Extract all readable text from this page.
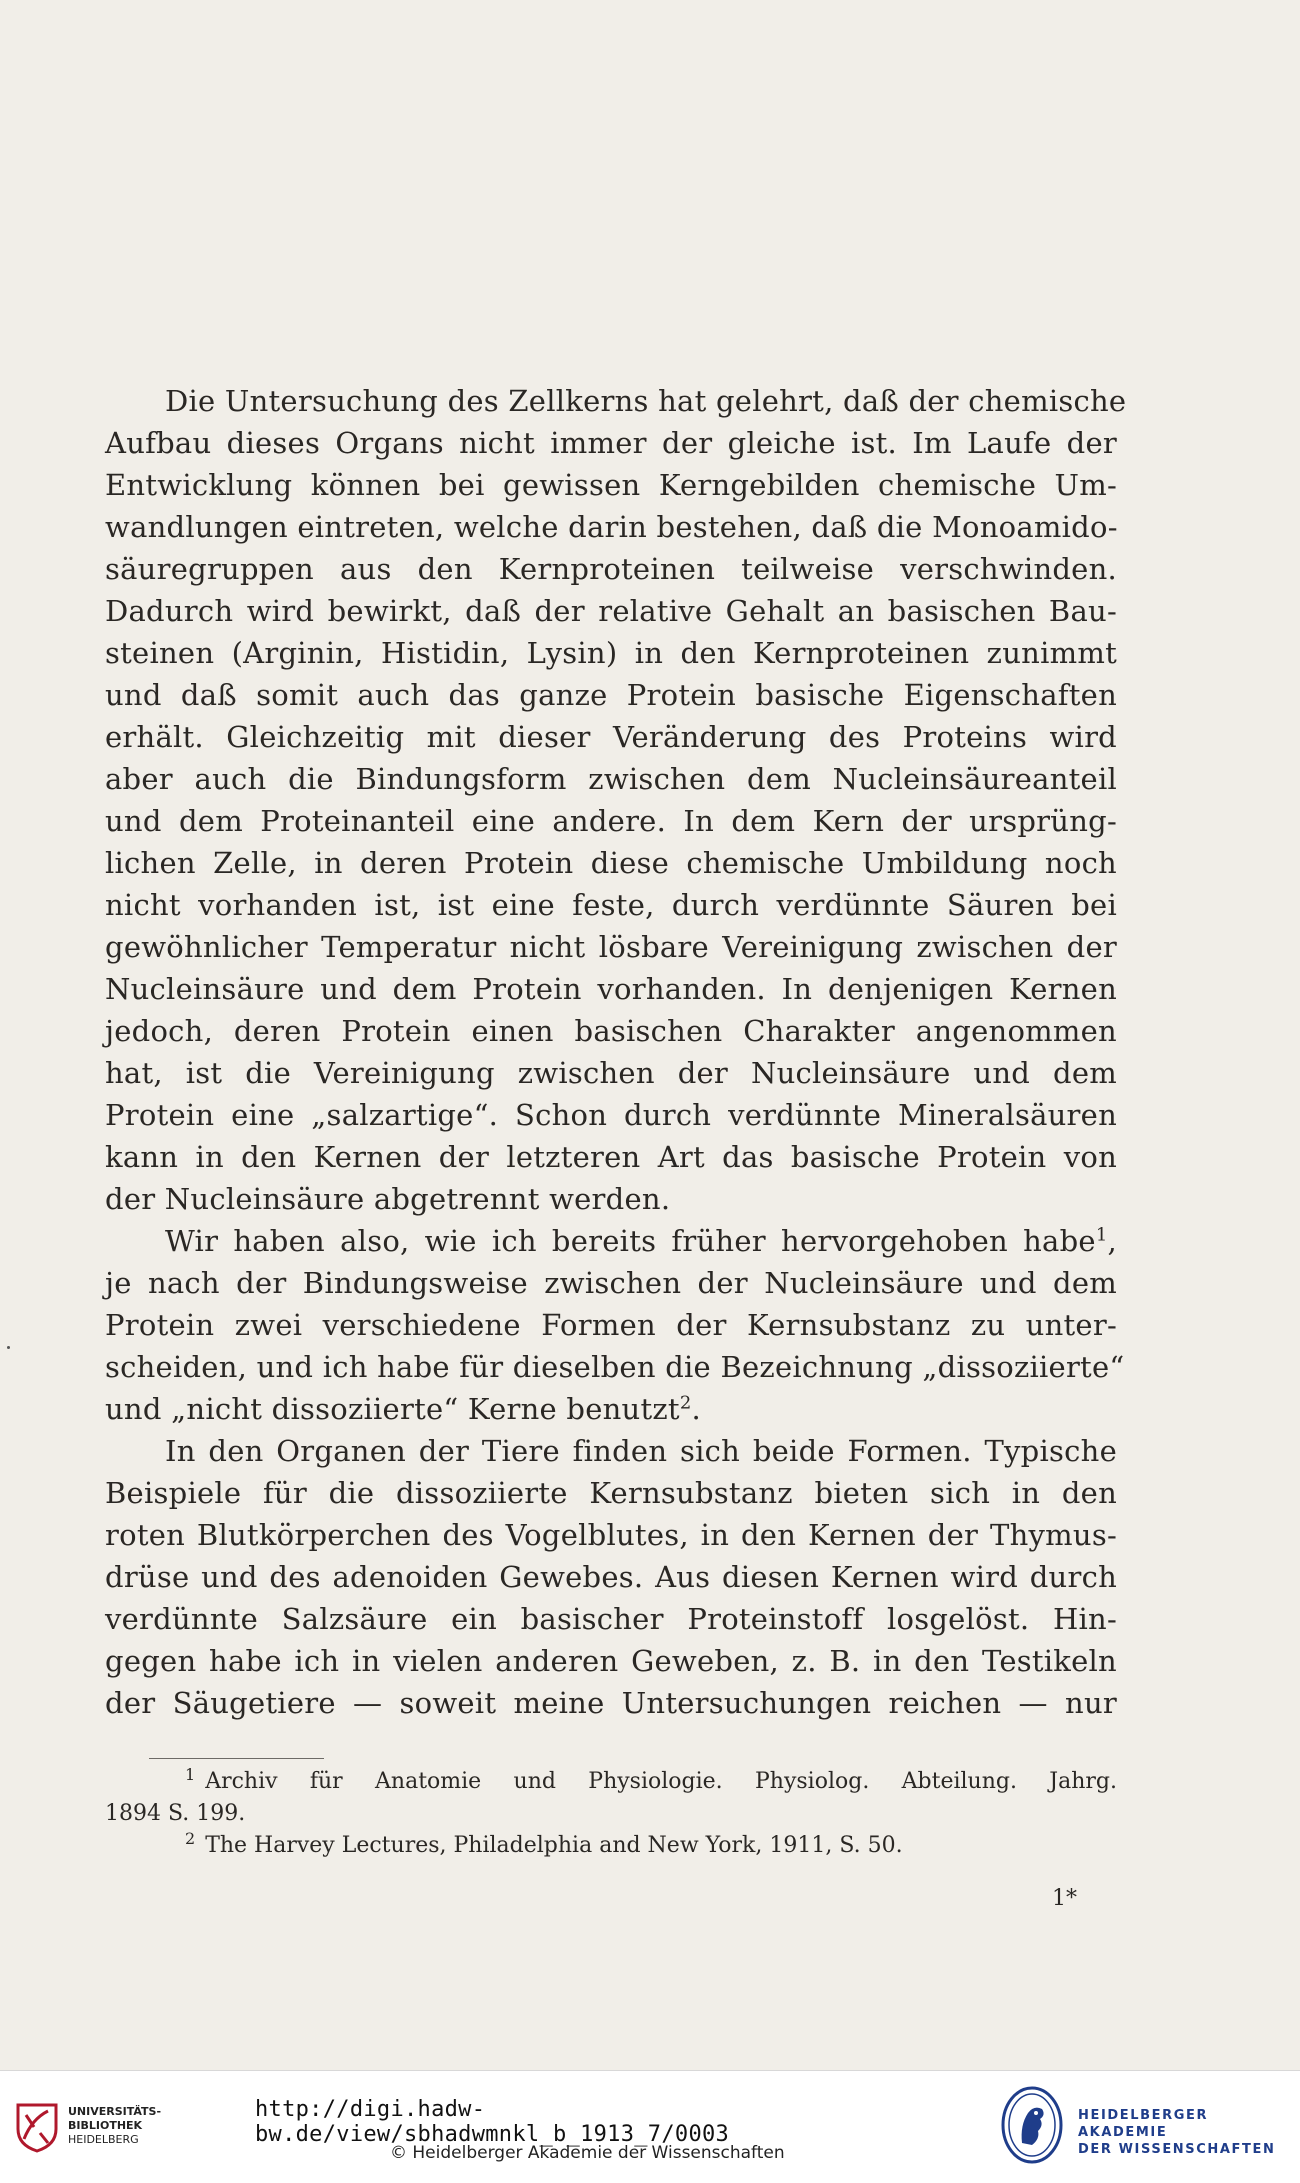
Die Untersuchung des Zellkerns hat gelehrt, daß der chemische
Aufbau dieses Organs nicht immer der gleiche ist. Im Laufe der
Entwicklung können bei gewissen Kerngebilden chemische Um-
wandlungen eintreten, welche darin bestehen, daß die Monoamido-
säuregruppen aus den Kernproteinen teilweise verschwinden.
Dadurch wird bewirkt, daß der relative Gehalt an basischen Bau-
steinen (Arginin, Histidin, Lysin) in den Kernproteinen zunimmt
und daß somit auch das ganze Protein basische Eigenschaften
erhält. Gleichzeitig mit dieser Veränderung des Proteins wird
aber auch die Bindungsform zwischen dem Nucleinsäureanteil
und dem Proteinanteil eine andere. In dem Kern der ursprüng-
lichen Zelle, in deren Protein diese chemische Umbildung noch
nicht vorhanden ist, ist eine feste, durch verdünnte Säuren bei
gewöhnlicher Temperatur nicht lösbare Vereinigung zwischen der
Nucleinsäure und dem Protein vorhanden. In denjenigen Kernen
jedoch, deren Protein einen basischen Charakter angenommen
hat, ist die Vereinigung zwischen der Nucleinsäure und dem
Protein eine „salzartige“. Schon durch verdünnte Mineralsäuren
kann in den Kernen der letzteren Art das basische Protein von
der Nucleinsäure abgetrennt werden.
Wir haben also, wie ich bereits früher hervorgehoben habe$^1$,
je nach der Bindungsweise zwischen der Nucleinsäure und dem
Protein zwei verschiedene Formen der Kernsubstanz zu unter-
scheiden, und ich habe für dieselben die Bezeichnung „dissoziierte“
und „nicht dissoziierte“ Kerne benutzt$^2$.
In den Organen der Tiere finden sich beide Formen. Typische
Beispiele für die dissoziierte Kernsubstanz bieten sich in den
roten Blutkörperchen des Vogelblutes, in den Kernen der Thymus-
drüse und des adenoiden Gewebes. Aus diesen Kernen wird durch
verdünnte Salzsäure ein basischer Proteinstoff losgelöst. Hin-
gegen habe ich in vielen anderen Geweben, z. B. in den Testikeln
der Säugetiere — soweit meine Untersuchungen reichen — nur
$^1$ Archiv für Anatomie und Physiologie. Physiolog. Abteilung. Jahrg.
1894 S. 199.
$^2$ The Harvey Lectures, Philadelphia and New York, 1911, S. 50.
1*
UNIVERSITÄTS-
BIBLIOTHEK
HEIDELBERG
http://digi.hadw-bw.de/view/sbhadwmnkl_b_1913_7/0003
© Heidelberger Akademie der Wissenschaften
HEIDELBERGER AKADEMIE
DER WISSENSCHAFTEN
